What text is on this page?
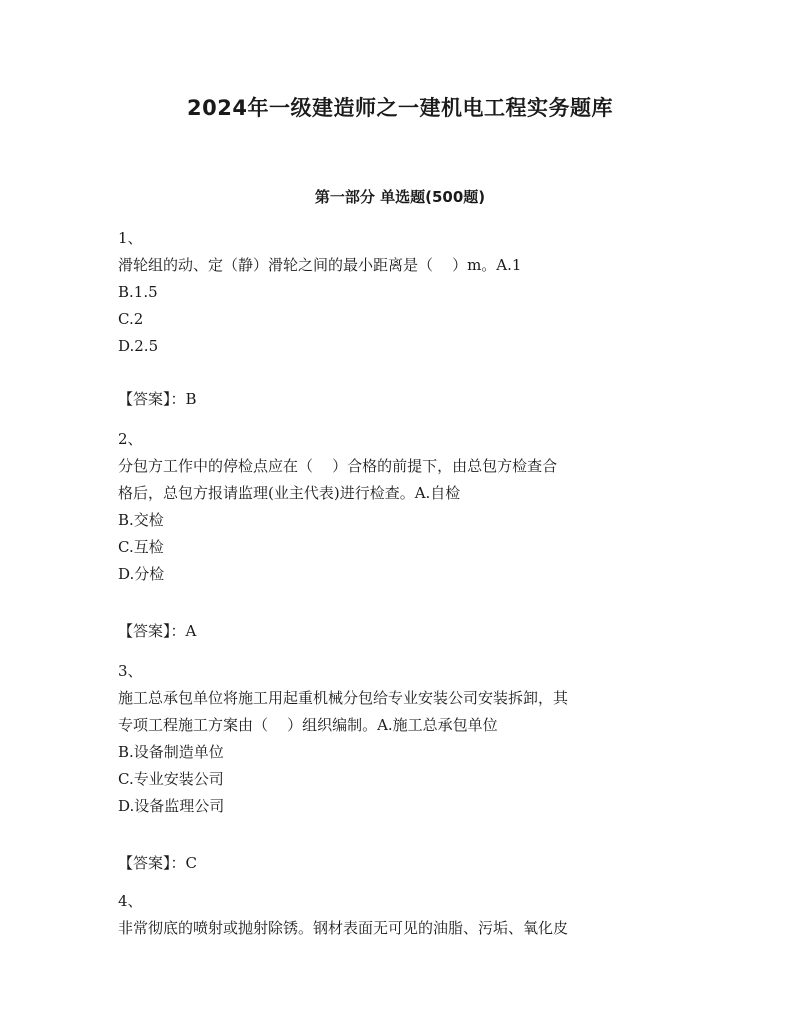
2024年一级建造师之一建机电工程实务题库
第一部分 单选题(500题)
1、
滑轮组的动、定（静）滑轮之间的最小距离是（    ）m。A.1
B.1.5
C.2
D.2.5
【答案】：B
2、
分包方工作中的停检点应在（    ）合格的前提下，由总包方检查合
格后，总包方报请监理(业主代表)进行检查。A.自检
B.交检
C.互检
D.分检
【答案】：A
3、
施工总承包单位将施工用起重机械分包给专业安装公司安装拆卸，其
专项工程施工方案由（    ）组织编制。A.施工总承包单位
B.设备制造单位
C.专业安装公司
D.设备监理公司
【答案】：C
4、
非常彻底的喷射或抛射除锈。钢材表面无可见的油脂、污垢、氧化皮
